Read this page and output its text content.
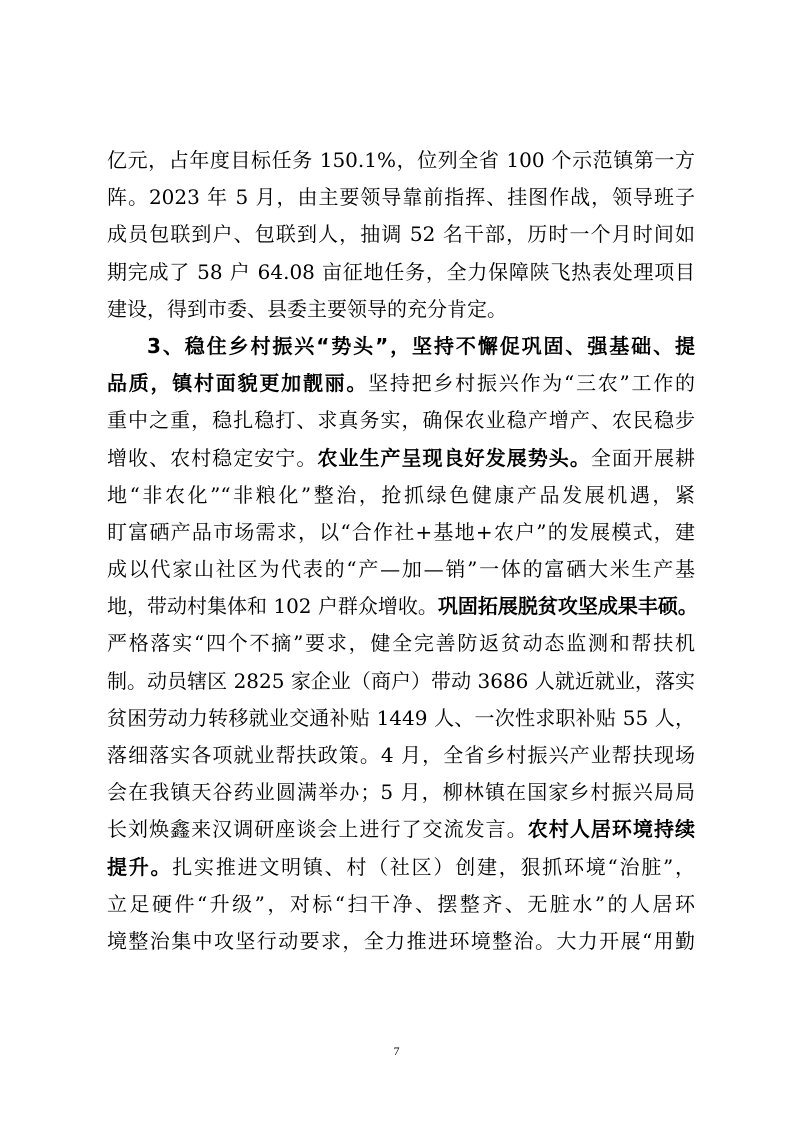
亿元，占年度目标任务 150.1%，位列全省 100 个示范镇第一方
阵。2023 年 5 月，由主要领导靠前指挥、挂图作战，领导班子
成员包联到户、包联到人，抽调 52 名干部，历时一个月时间如
期完成了 58 户 64.08 亩征地任务，全力保障陕飞热表处理项目
建设，得到市委、县委主要领导的充分肯定。
3、稳住乡村振兴“势头”，坚持不懈促巩固、强基础、提
品质，镇村面貌更加靓丽。坚持把乡村振兴作为“三农”工作的
重中之重，稳扎稳打、求真务实，确保农业稳产增产、农民稳步
增收、农村稳定安宁。农业生产呈现良好发展势头。全面开展耕
地“非农化”“非粮化”整治，抢抓绿色健康产品发展机遇，紧
盯富硒产品市场需求，以“合作社+基地+农户”的发展模式，建
成以代家山社区为代表的“产—加—销”一体的富硒大米生产基
地，带动村集体和 102 户群众增收。巩固拓展脱贫攻坚成果丰硕。
严格落实“四个不摘”要求，健全完善防返贫动态监测和帮扶机
制。动员辖区 2825 家企业（商户）带动 3686 人就近就业，落实
贫困劳动力转移就业交通补贴 1449 人、一次性求职补贴 55 人，
落细落实各项就业帮扶政策。4 月，全省乡村振兴产业帮扶现场
会在我镇天谷药业圆满举办；5 月，柳林镇在国家乡村振兴局局
长刘焕鑫来汉调研座谈会上进行了交流发言。农村人居环境持续
提升。扎实推进文明镇、村（社区）创建，狠抓环境“治脏”，
立足硬件“升级”，对标“扫干净、摆整齐、无脏水”的人居环
境整治集中攻坚行动要求，全力推进环境整治。大力开展“用勤
7
